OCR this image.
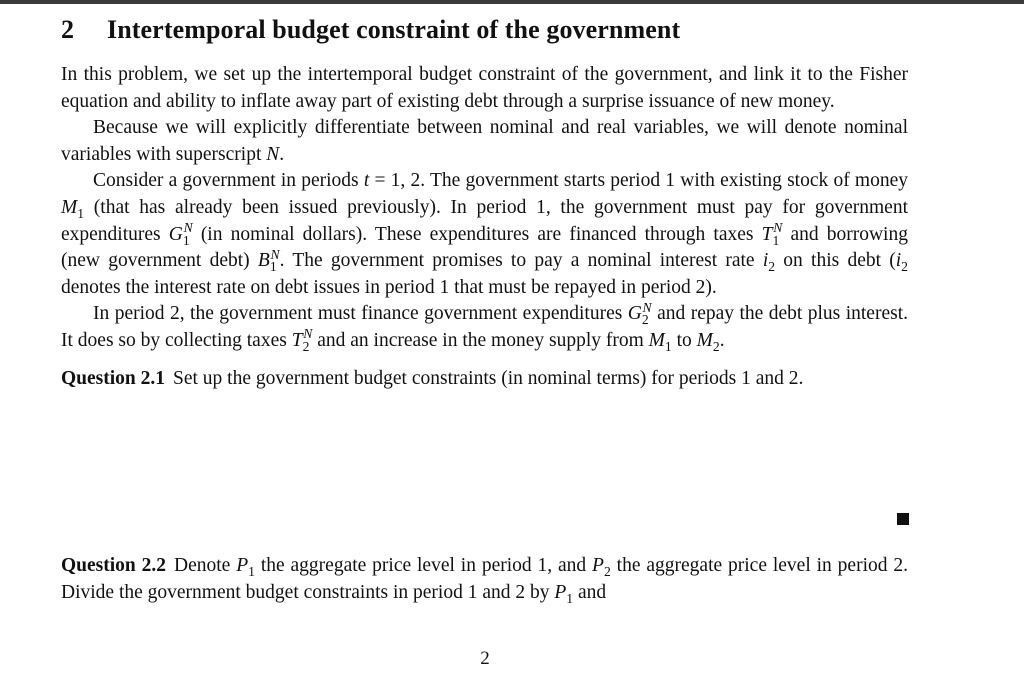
2 Intertemporal budget constraint of the government

In this problem, we set up the intertemporal budget constraint of the government, and link it to the Fisher equation and ability to inflate away part of existing debt through a surprise issuance of new money.

Because we will explicitly differentiate between nominal and real variables, we will denote nominal variables with superscript N.

Consider a government in periods t = 1, 2. The government starts period 1 with existing stock of money $M_1$ (that has already been issued previously). In period 1, the government must pay for government expenditures $G_1^N$ (in nominal dollars). These expenditures are financed through taxes $T_1^N$ and borrowing (new government debt) $B_1^N$. The government promises to pay a nominal interest rate $i_2$ on this debt ($i_2$ denotes the interest rate on debt issues in period 1 that must be repayed in period 2).

In period 2, the government must finance government expenditures $G_2^N$ and repay the debt plus interest. It does so by collecting taxes $T_2^N$ and an increase in the money supply from $M_1$ to $M_2$.

Question 2.1 Set up the government budget constraints (in nominal terms) for periods 1 and 2.

Question 2.2 Denote $P_1$ the aggregate price level in period 1, and $P_2$ the aggregate price level in period 2. Divide the government budget constraints in period 1 and 2 by $P_1$ and

2
